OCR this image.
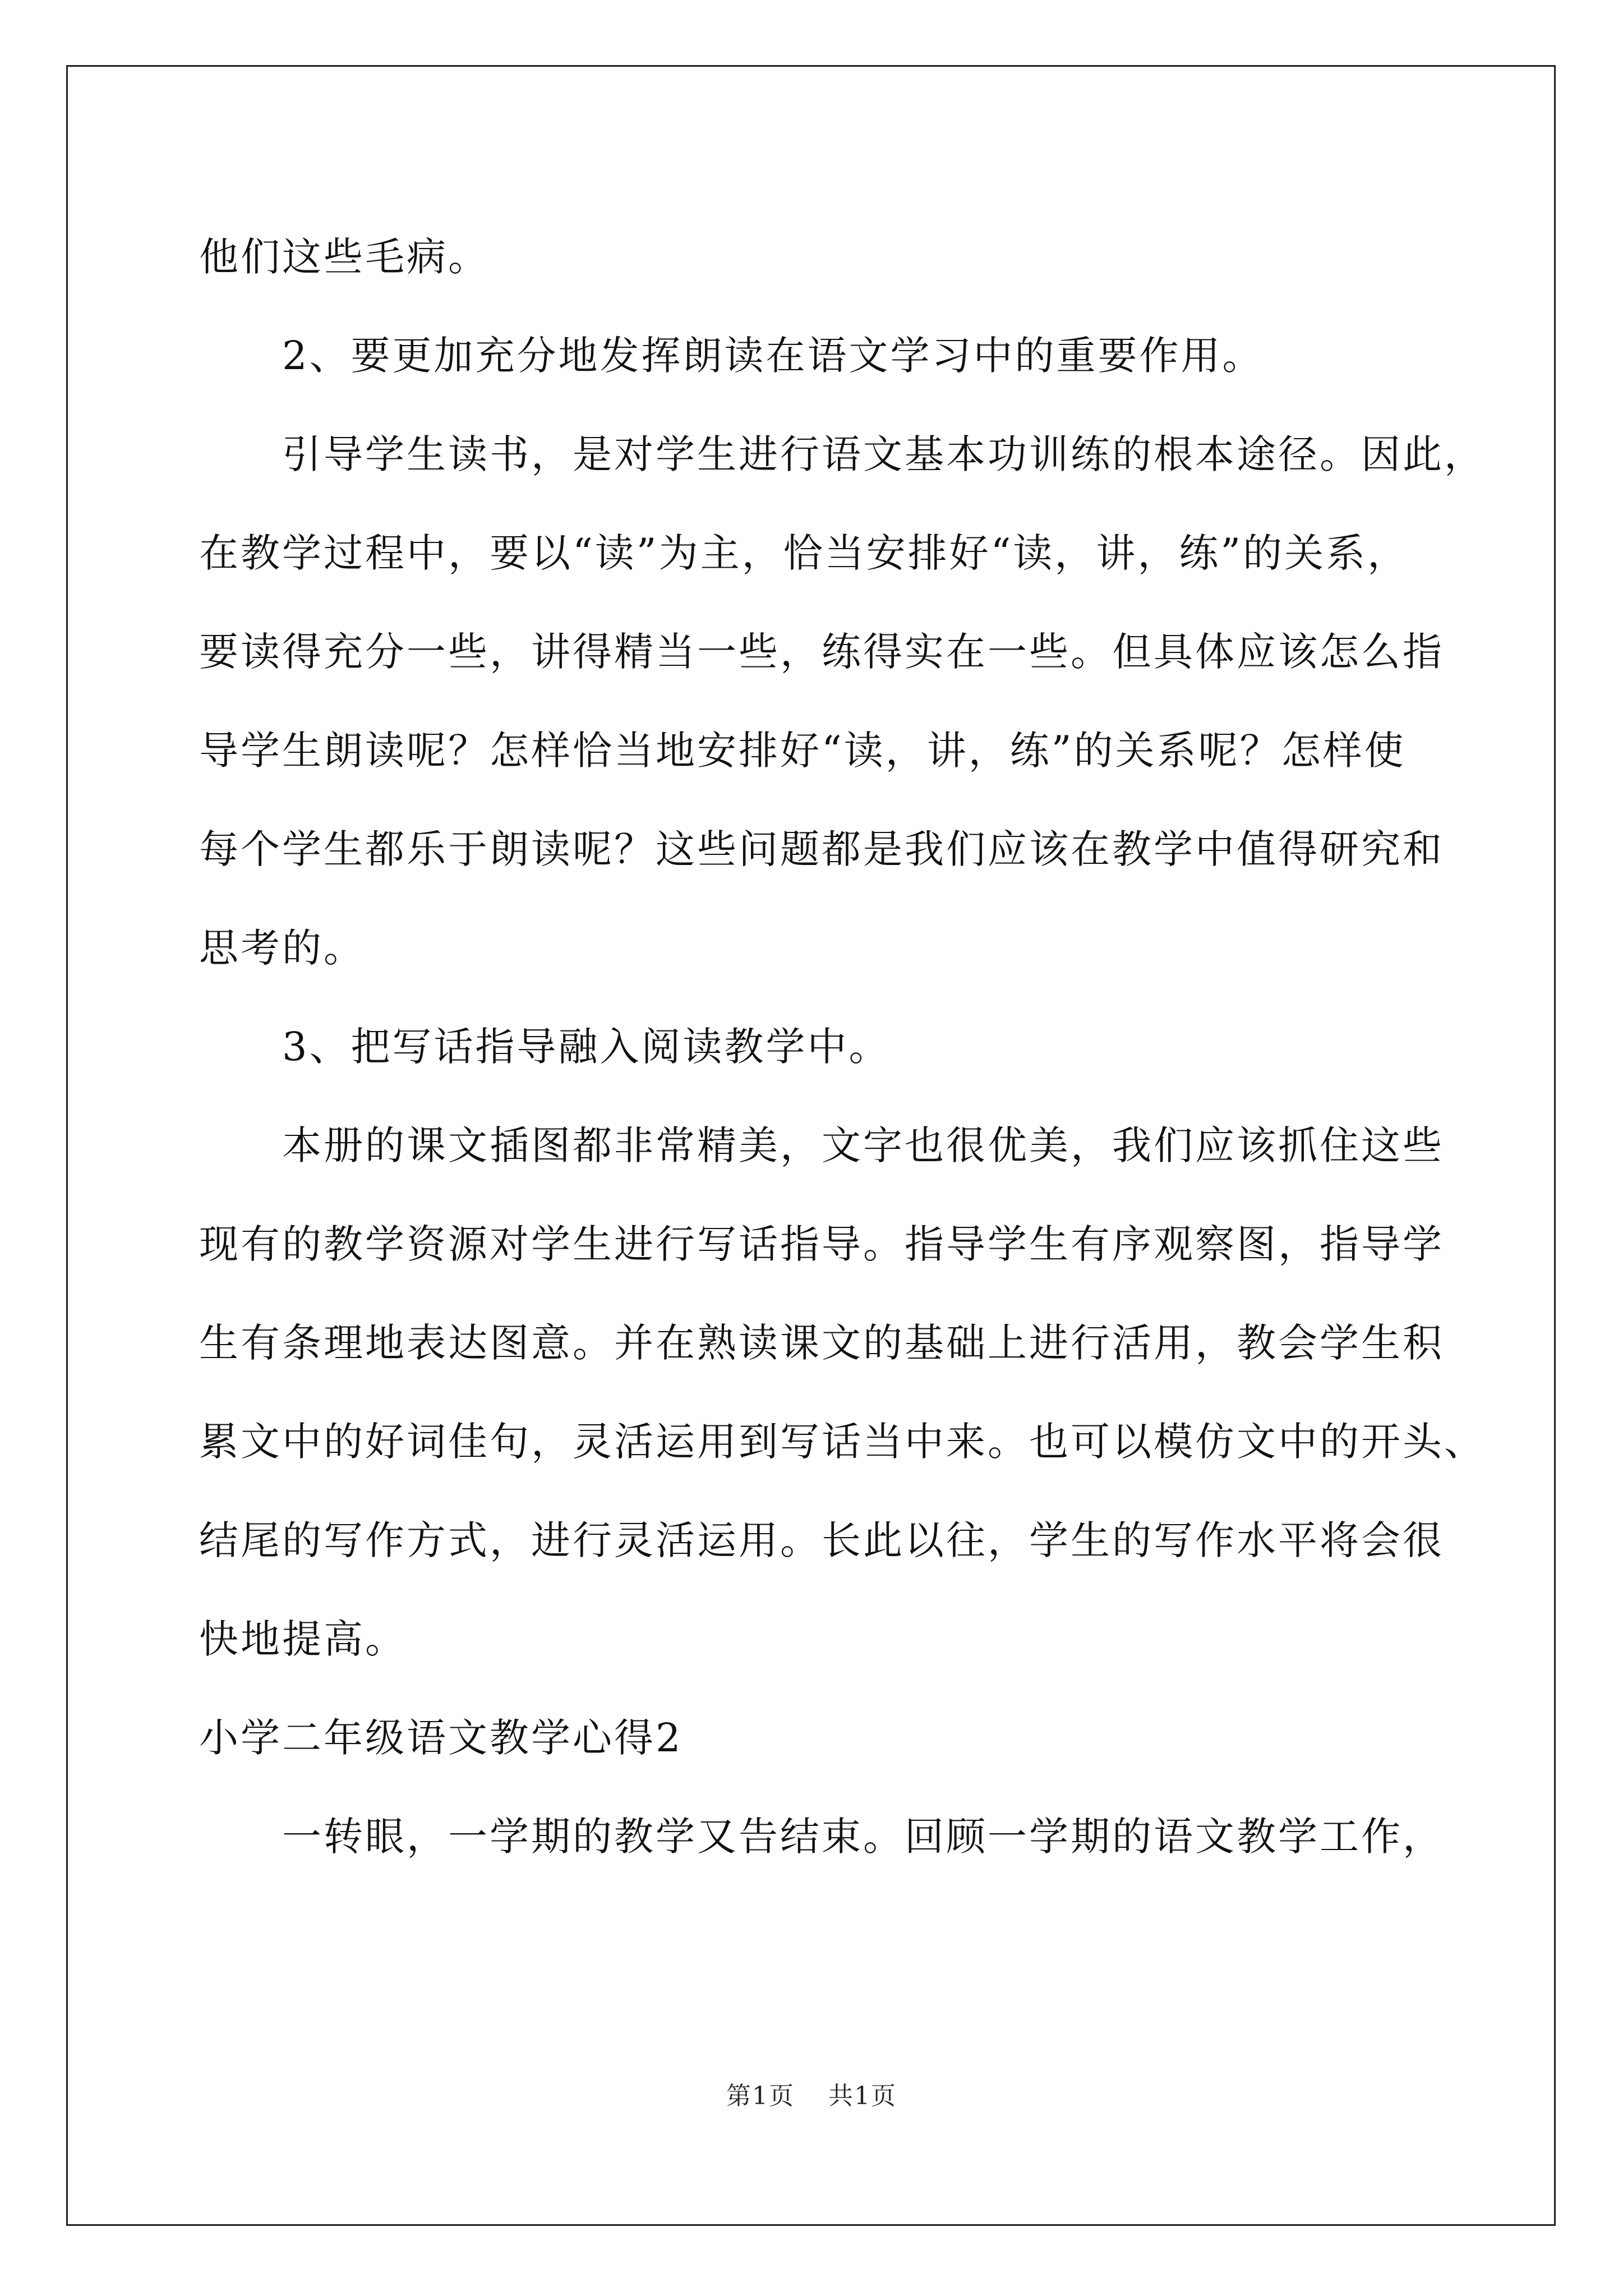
他们这些毛病。
2、要更加充分地发挥朗读在语文学习中的重要作用。
引导学生读书，是对学生进行语文基本功训练的根本途径。因此，
在教学过程中，要以“读”为主，恰当安排好“读，讲，练”的关系，
要读得充分一些，讲得精当一些，练得实在一些。但具体应该怎么指
导学生朗读呢？怎样恰当地安排好“读，讲，练”的关系呢？怎样使
每个学生都乐于朗读呢？这些问题都是我们应该在教学中值得研究和
思考的。
3、把写话指导融入阅读教学中。
本册的课文插图都非常精美，文字也很优美，我们应该抓住这些
现有的教学资源对学生进行写话指导。指导学生有序观察图，指导学
生有条理地表达图意。并在熟读课文的基础上进行活用，教会学生积
累文中的好词佳句，灵活运用到写话当中来。也可以模仿文中的开头、
结尾的写作方式，进行灵活运用。长此以往，学生的写作水平将会很
快地提高。
小学二年级语文教学心得2
一转眼，一学期的教学又告结束。回顾一学期的语文教学工作，
第1页 共1页
